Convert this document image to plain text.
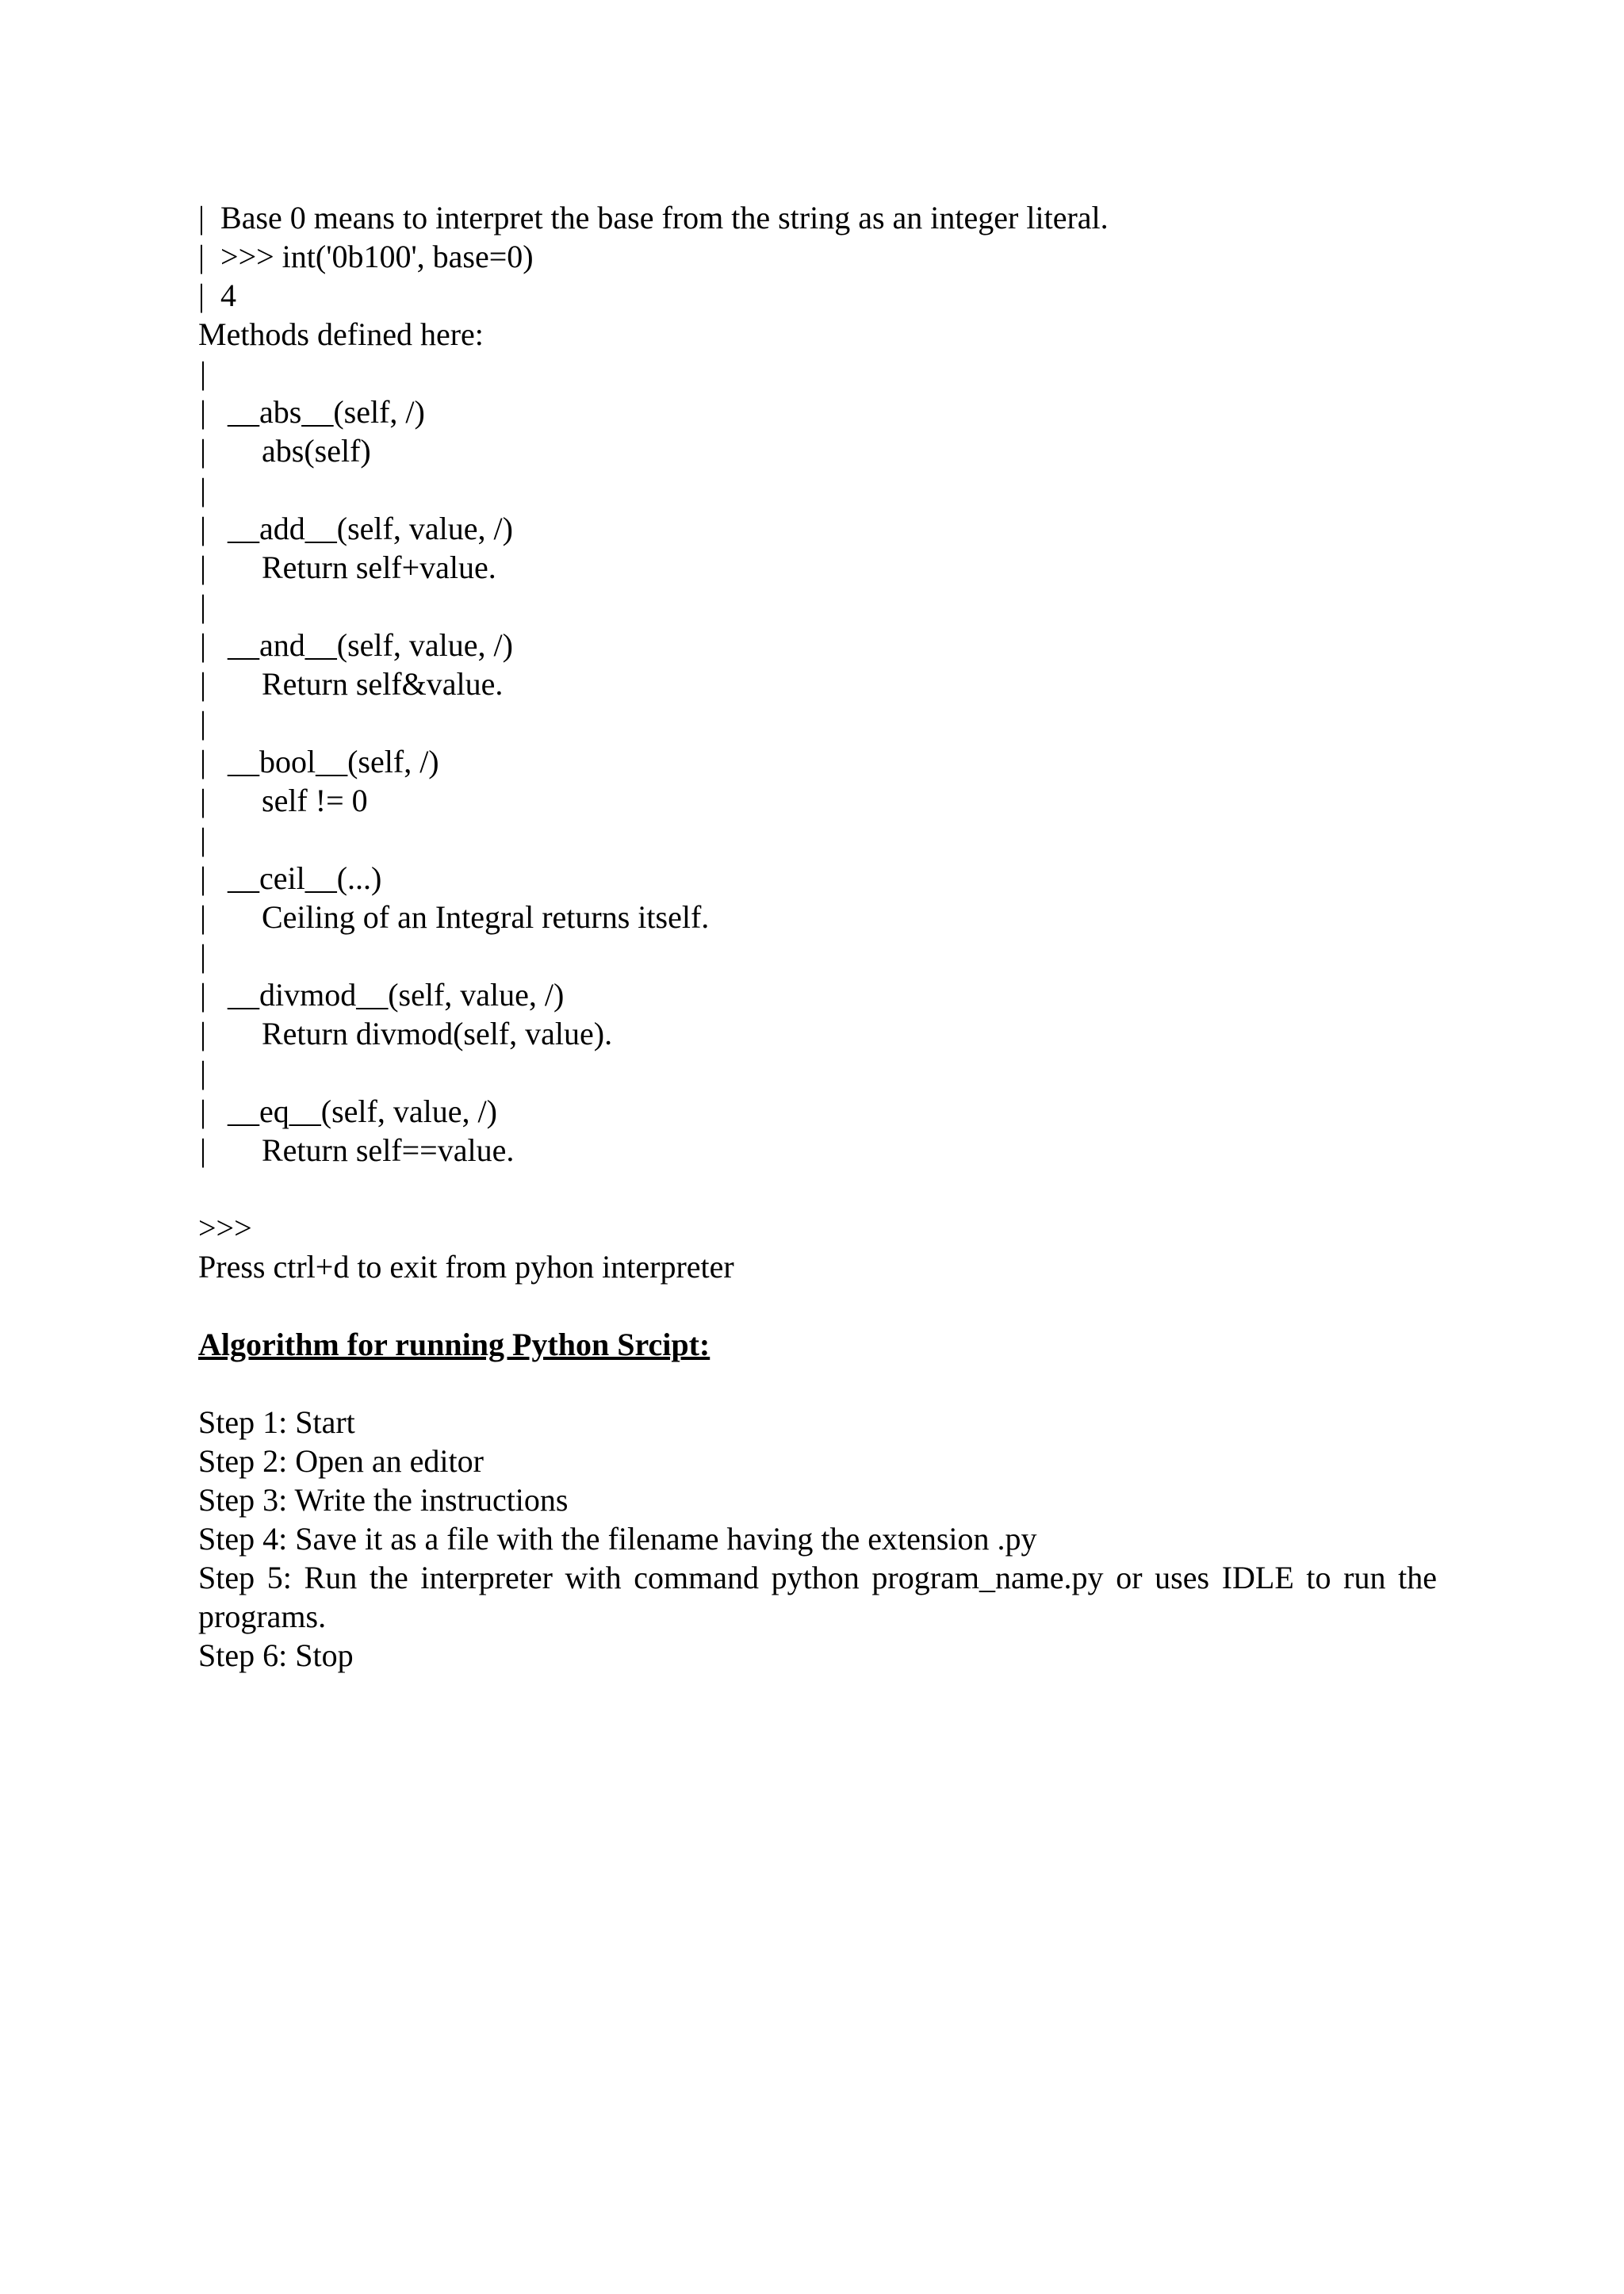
|  Base 0 means to interpret the base from the string as an integer literal.
|  >>> int('0b100', base=0)
|  4
Methods defined here:
|
| __abs__(self, /)
| abs(self)
|
| __add__(self, value, /)
| Return self+value.
|
| __and__(self, value, /)
| Return self&value.
|
| __bool__(self, /)
| self != 0
|
| __ceil__(...)
| Ceiling of an Integral returns itself.
|
| __divmod__(self, value, /)
| Return divmod(self, value).
|
| __eq__(self, value, /)
| Return self==value.
>>>
Press ctrl+d to exit from pyhon interpreter
Algorithm for running Python Srcipt:
Step 1: Start
Step 2: Open an editor
Step 3: Write the instructions
Step 4: Save it as a file with the filename having the extension .py
Step 5: Run the interpreter with command python program_name.py or uses IDLE to run the
programs.
Step 6: Stop
